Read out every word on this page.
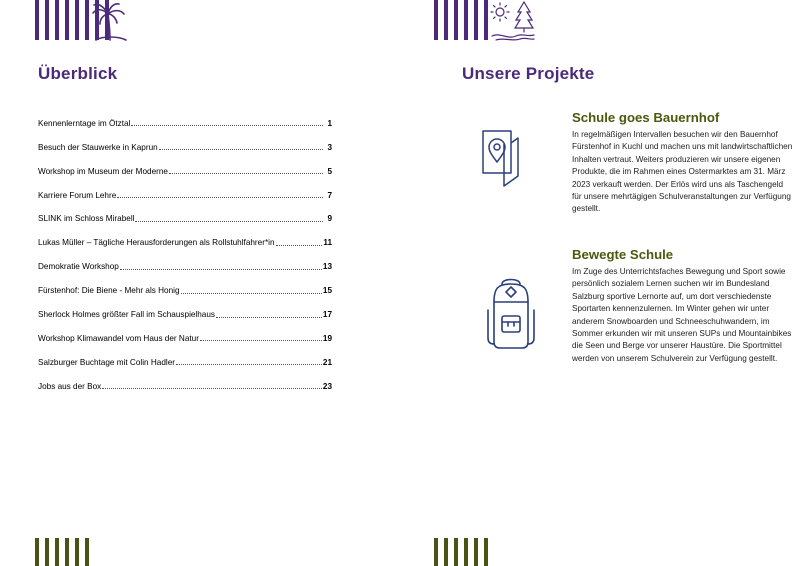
Überblick
Kennenlerntage im Ötztal	1
Besuch der Stauwerke in Kaprun	3
Workshop im Museum der Moderne	5
Karriere Forum Lehre	7
SLINK im Schloss Mirabell	9
Lukas Müller – Tägliche Herausforderungen als Rollstuhlfahrer*in	11
Demokratie Workshop	13
Fürstenhof: Die Biene - Mehr als Honig	15
Sherlock Holmes größter Fall im Schauspielhaus	17
Workshop Klimawandel vom Haus der Natur	19
Salzburger Buchtage mit Colin Hadler	21
Jobs aus der Box	23
Unsere Projekte
Schule goes Bauernhof

In regelmäßigen Intervallen besuchen wir den Bauernhof Fürstenhof in Kuchl und machen uns mit landwirtschaftlichen Inhalten vertraut. Weiters produzieren wir unsere eigenen Produkte, die im Rahmen eines Ostermarktes am 31. März 2023 verkauft werden. Der Erlös wird uns als Taschengeld für unsere mehrtägigen Schulveranstaltungen zur Verfügung gestellt.

Bewegte Schule

Im Zuge des Unterrichtsfaches Bewegung und Sport sowie persönlich sozialem Lernen suchen wir im Bundesland Salzburg sportive Lernorte auf, um dort verschiedenste Sportarten kennenzulernen. Im Winter gehen wir unter anderem Snowboarden und Schneeschuhwandern, im Sommer erkunden wir mit unseren SUPs und Mountainbikes die Seen und Berge vor unserer Haustüre. Die Sportmittel werden von unserem Schulverein zur Verfügung gestellt.
